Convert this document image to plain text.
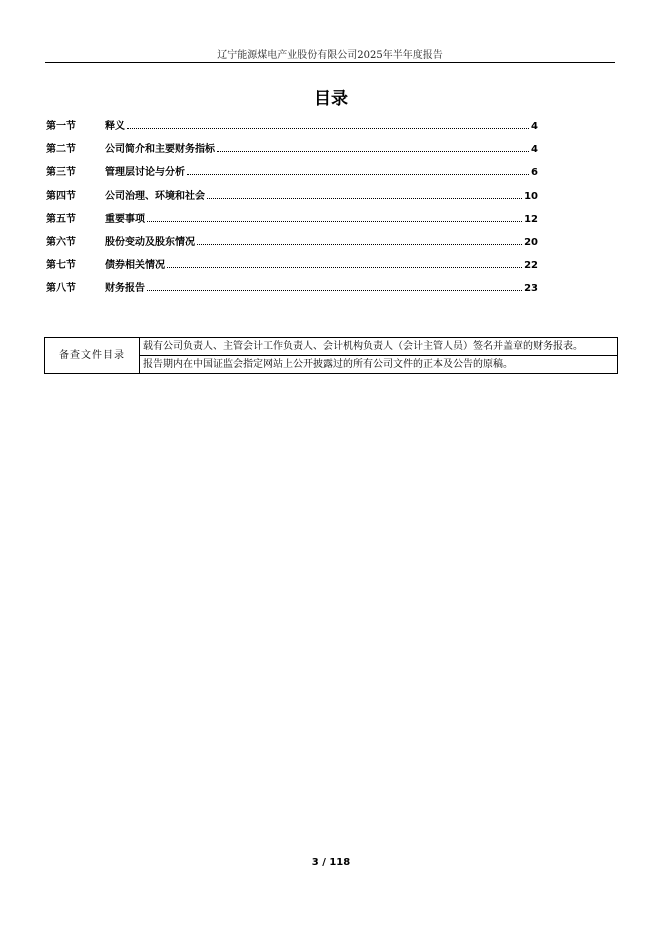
辽宁能源煤电产业股份有限公司2025年半年度报告
目录
第一节	释义	4
第二节	公司简介和主要财务指标	4
第三节	管理层讨论与分析	6
第四节	公司治理、环境和社会	10
第五节	重要事项	12
第六节	股份变动及股东情况	20
第七节	债券相关情况	22
第八节	财务报告	23
备查文件目录	载有公司负责人、主管会计工作负责人、会计机构负责人（会计主管人员）签名并盖章的财务报表。
报告期内在中国证监会指定网站上公开披露过的所有公司文件的正本及公告的原稿。
3 / 118
